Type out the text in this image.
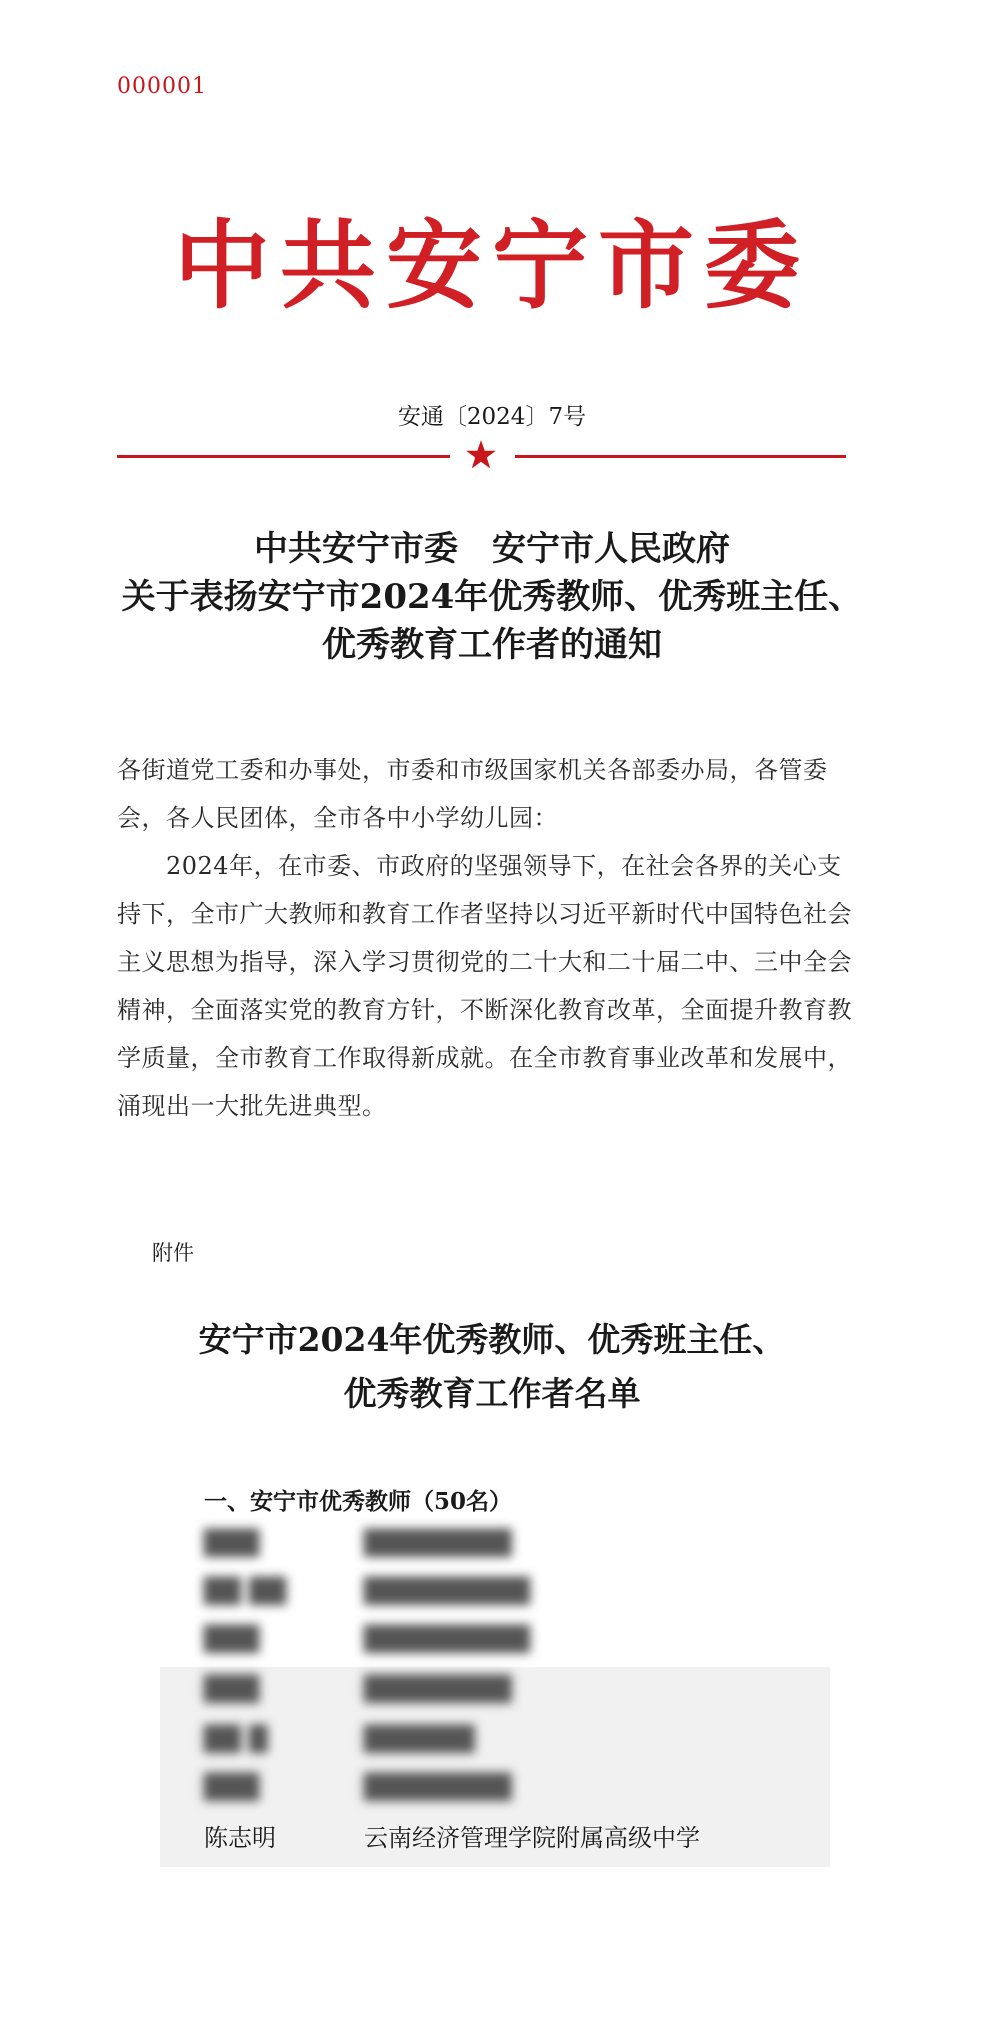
000001
中共安宁市委
安通〔2024〕7号
中共安宁市委　安宁市人民政府
关于表扬安宁市2024年优秀教师、优秀班主任、
优秀教育工作者的通知

各街道党工委和办事处，市委和市级国家机关各部委办局，各管委会，各人民团体，全市各中小学幼儿园：

　　2024年，在市委、市政府的坚强领导下，在社会各界的关心支持下，全市广大教师和教育工作者坚持以习近平新时代中国特色社会主义思想为指导，深入学习贯彻党的二十大和二十届二中、三中全会精神，全面落实党的教育方针，不断深化教育改革，全面提升教育教学质量，全市教育工作取得新成就。在全市教育事业改革和发展中，涌现出一大批先进典型。

附件
安宁市2024年优秀教师、优秀班主任、
优秀教育工作者名单
一、安宁市优秀教师（50名）
███	████████
██ ██	█████████
███	█████████
███	████████
██ █	██████
███	████████
陈志明	云南经济管理学院附属高级中学
